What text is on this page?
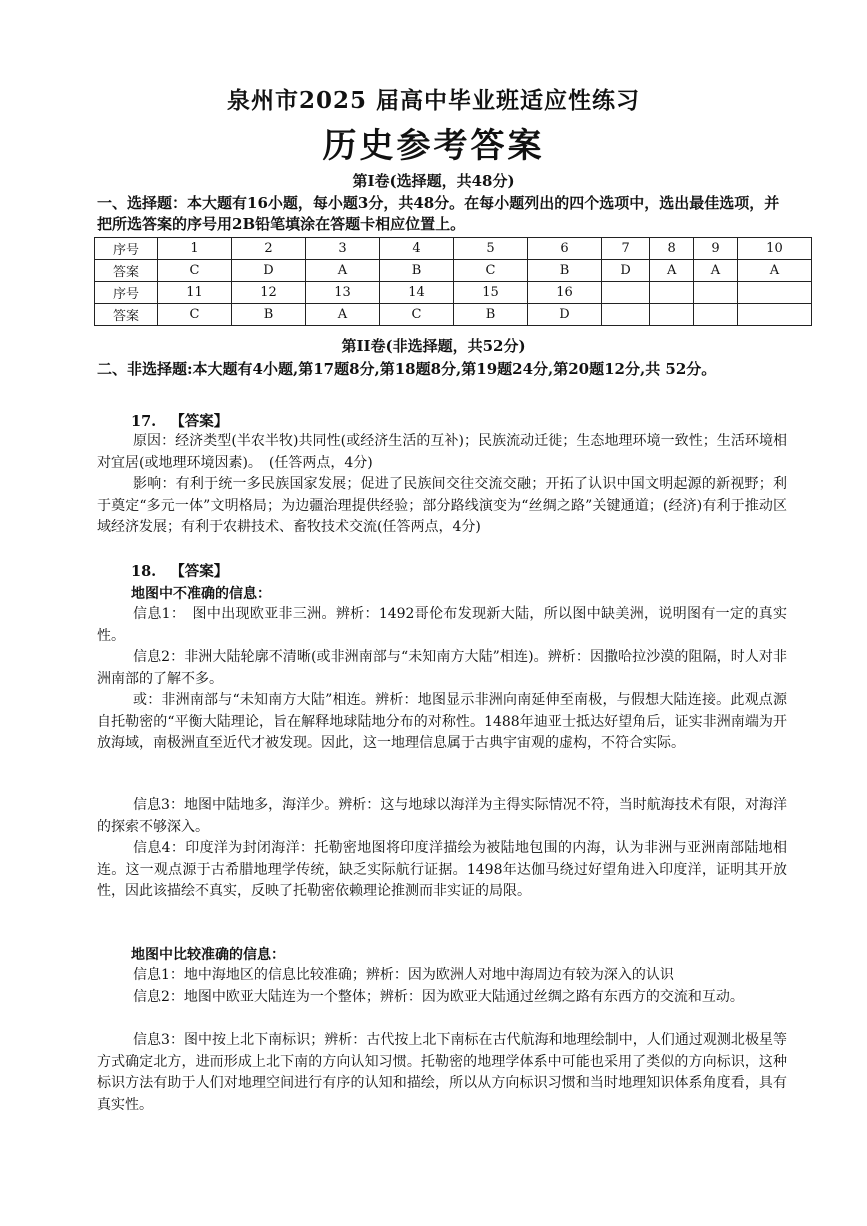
泉州市2025 届高中毕业班适应性练习
历史参考答案
第Ⅰ卷(选择题，共48分)
一、选择题：本大题有16小题，每小题3分，共48分。在每小题列出的四个选项中，选出最佳选项，并把所选答案的序号用2B铅笔填涂在答题卡相应位置上。
序号	1	2	3	4	5	6	7	8	9	10
答案	C	D	A	B	C	B	D	A	A	A
序号	11	12	13	14	15	16				
答案	C	B	A	C	B	D				
第II卷(非选择题，共52分)
二、非选择题:本大题有4小题,第17题8分,第18题8分,第19题24分,第20题12分,共 52分。
17. 【答案】
原因：经济类型(半农半牧)共同性(或经济生活的互补)；民族流动迁徙；生态地理环境一致性；生活环境相对宜居(或地理环境因素)。　(任答两点，4分)
影响：有利于统一多民族国家发展；促进了民族间交往交流交融；开拓了认识中国文明起源的新视野；利于奠定“多元一体”文明格局；为边疆治理提供经验；部分路线演变为“丝绸之路”关键通道；(经济)有利于推动区域经济发展；有利于农耕技术、畜牧技术交流(任答两点，4分)
18. 【答案】
地图中不准确的信息：
信息1：　图中出现欧亚非三洲。辨析：1492哥伦布发现新大陆，所以图中缺美洲，说明图有一定的真实性。
信息2：非洲大陆轮廓不清晰(或非洲南部与“未知南方大陆”相连)。辨析：因撒哈拉沙漠的阻隔，时人对非洲南部的了解不多。
或：非洲南部与“未知南方大陆”相连。辨析：地图显示非洲向南延伸至南极，与假想大陆连接。此观点源自托勒密的“平衡大陆理论，旨在解释地球陆地分布的对称性。1488年迪亚士抵达好望角后，证实非洲南端为开放海域，南极洲直至近代才被发现。因此，这一地理信息属于古典宇宙观的虚构，不符合实际。
信息3：地图中陆地多，海洋少。辨析：这与地球以海洋为主得实际情况不符，当时航海技术有限，对海洋的探索不够深入。
信息4：印度洋为封闭海洋：托勒密地图将印度洋描绘为被陆地包围的内海，认为非洲与亚洲南部陆地相连。这一观点源于古希腊地理学传统，缺乏实际航行证据。1498年达伽马绕过好望角进入印度洋，证明其开放性，因此该描绘不真实，反映了托勒密依赖理论推测而非实证的局限。
地图中比较准确的信息：
信息1：地中海地区的信息比较准确；辨析：因为欧洲人对地中海周边有较为深入的认识
信息2：地图中欧亚大陆连为一个整体；辨析：因为欧亚大陆通过丝绸之路有东西方的交流和互动。
信息3：图中按上北下南标识；辨析：古代按上北下南标在古代航海和地理绘制中，人们通过观测北极星等方式确定北方，进而形成上北下南的方向认知习惯。托勒密的地理学体系中可能也采用了类似的方向标识，这种标识方法有助于人们对地理空间进行有序的认知和描绘，所以从方向标识习惯和当时地理知识体系角度看，具有真实性。
